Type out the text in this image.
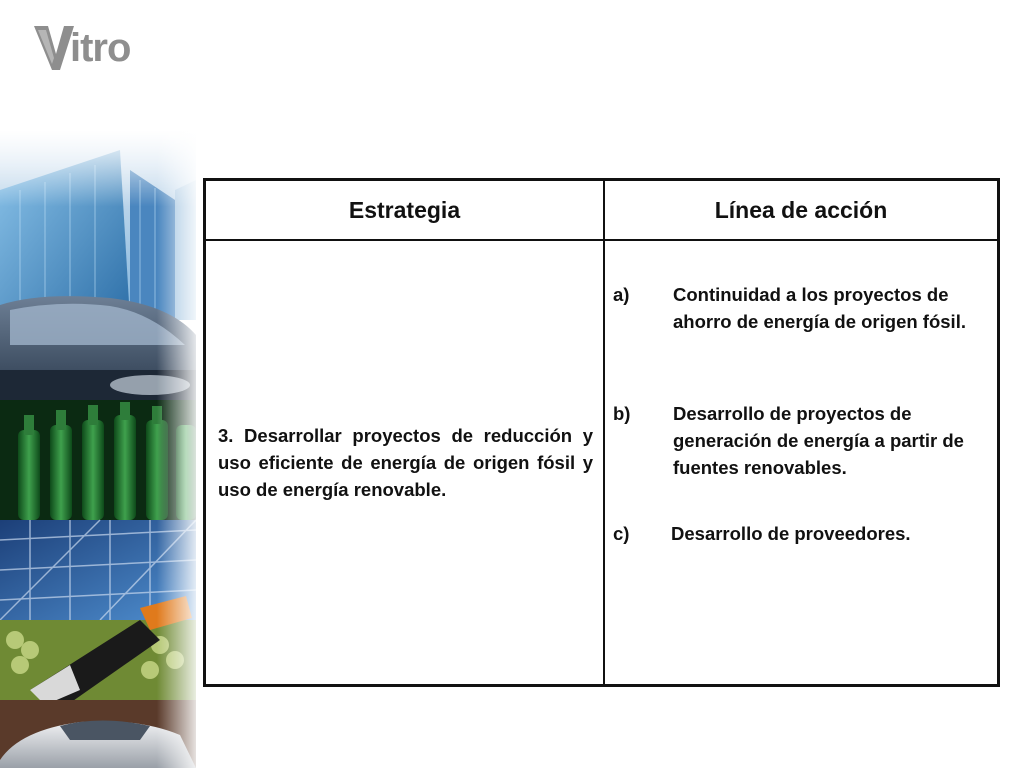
itro
Estrategia	Línea de acción
3. Desarrollar proyectos de reducción y uso eficiente de energía de origen fósil y uso de energía renovable.
a)	Continuidad a los proyectos de ahorro de energía de origen fósil.
b)	Desarrollo de proyectos de generación de energía a partir de fuentes renovables.
c)	Desarrollo de proveedores.
